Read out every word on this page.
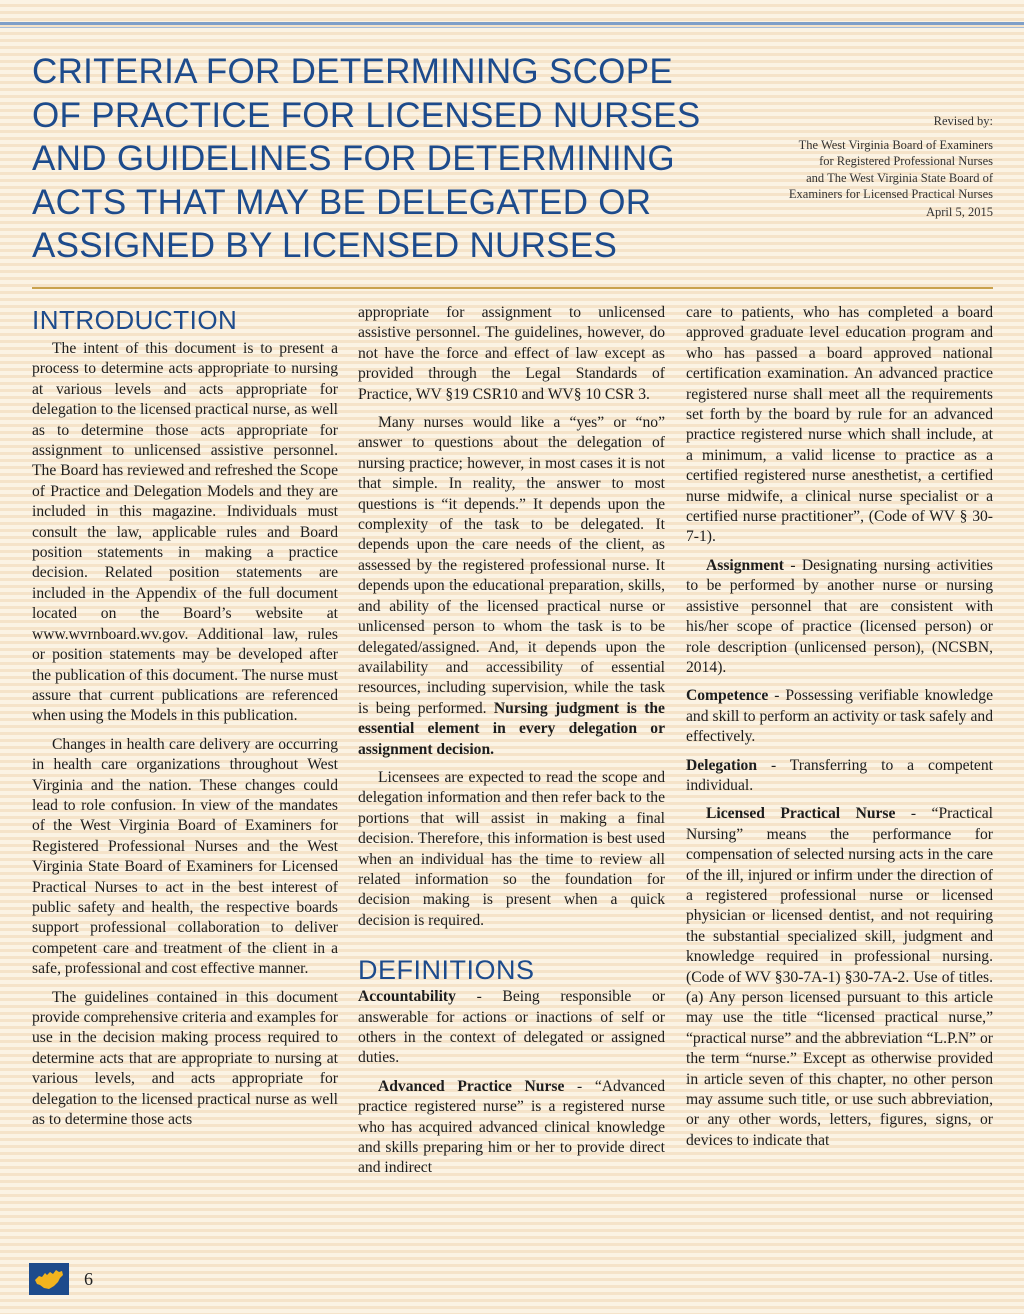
CRITERIA FOR DETERMINING SCOPE
OF PRACTICE FOR LICENSED NURSES
AND GUIDELINES FOR DETERMINING
ACTS THAT MAY BE DELEGATED OR
ASSIGNED BY LICENSED NURSES
Revised by:
The West Virginia Board of Examiners
for Registered Professional Nurses
and The West Virginia State Board of
Examiners for Licensed Practical Nurses
April 5, 2015
INTRODUCTION

The intent of this document is to present a process to determine acts appropriate to nursing at various levels and acts appropriate for delegation to the licensed practical nurse, as well as to determine those acts appropriate for assignment to unlicensed assistive personnel. The Board has reviewed and refreshed the Scope of Practice and Delegation Models and they are included in this magazine. Individuals must consult the law, applicable rules and Board position statements in making a practice decision. Related position statements are included in the Appendix of the full document located on the Board’s website at www.wvrnboard.wv.gov. Additional law, rules or position statements may be developed after the publication of this document. The nurse must assure that current publications are referenced when using the Models in this publication.

Changes in health care delivery are occurring in health care organizations throughout West Virginia and the nation. These changes could lead to role confusion. In view of the mandates of the West Virginia Board of Examiners for Registered Professional Nurses and the West Virginia State Board of Examiners for Licensed Practical Nurses to act in the best interest of public safety and health, the respective boards support professional collaboration to deliver competent care and treatment of the client in a safe, professional and cost effective manner.

The guidelines contained in this document provide comprehensive criteria and examples for use in the decision making process required to determine acts that are appropriate to nursing at various levels, and acts appropriate for delegation to the licensed practical nurse as well as to determine those acts

appropriate for assignment to unlicensed assistive personnel. The guidelines, however, do not have the force and effect of law except as provided through the Legal Standards of Practice, WV §19 CSR10 and WV§ 10 CSR 3.

Many nurses would like a “yes” or “no” answer to questions about the delegation of nursing practice; however, in most cases it is not that simple. In reality, the answer to most questions is “it depends.” It depends upon the complexity of the task to be delegated. It depends upon the care needs of the client, as assessed by the registered professional nurse. It depends upon the educational preparation, skills, and ability of the licensed practical nurse or unlicensed person to whom the task is to be delegated/assigned. And, it depends upon the availability and accessibility of essential resources, including supervision, while the task is being performed. Nursing judgment is the essential element in every delegation or assignment decision.

Licensees are expected to read the scope and delegation information and then refer back to the portions that will assist in making a final decision. Therefore, this information is best used when an individual has the time to review all related information so the foundation for decision making is present when a quick decision is required.

DEFINITIONS

Accountability - Being responsible or answerable for actions or inactions of self or others in the context of delegated or assigned duties.

Advanced Practice Nurse - “Advanced practice registered nurse” is a registered nurse who has acquired advanced clinical knowledge and skills preparing him or her to provide direct and indirect

care to patients, who has completed a board approved graduate level education program and who has passed a board approved national certification examination. An advanced practice registered nurse shall meet all the requirements set forth by the board by rule for an advanced practice registered nurse which shall include, at a minimum, a valid license to practice as a certified registered nurse anesthetist, a certified nurse midwife, a clinical nurse specialist or a certified nurse practitioner”, (Code of WV § 30-7-1).

Assignment - Designating nursing activities to be performed by another nurse or nursing assistive personnel that are consistent with his/her scope of practice (licensed person) or role description (unlicensed person), (NCSBN, 2014).

Competence - Possessing verifiable knowledge and skill to perform an activity or task safely and effectively.

Delegation - Transferring to a competent individual.

Licensed Practical Nurse - “Practical Nursing” means the performance for compensation of selected nursing acts in the care of the ill, injured or infirm under the direction of a registered professional nurse or licensed physician or licensed dentist, and not requiring the substantial specialized skill, judgment and knowledge required in professional nursing. (Code of WV §30-7A-1) §30-7A-2. Use of titles. (a) Any person licensed pursuant to this article may use the title “licensed practical nurse,” “practical nurse” and the abbreviation “L.P.N” or the term “nurse.” Except as otherwise provided in article seven of this chapter, no other person may assume such title, or use such abbreviation, or any other words, letters, figures, signs, or devices to indicate that

6
